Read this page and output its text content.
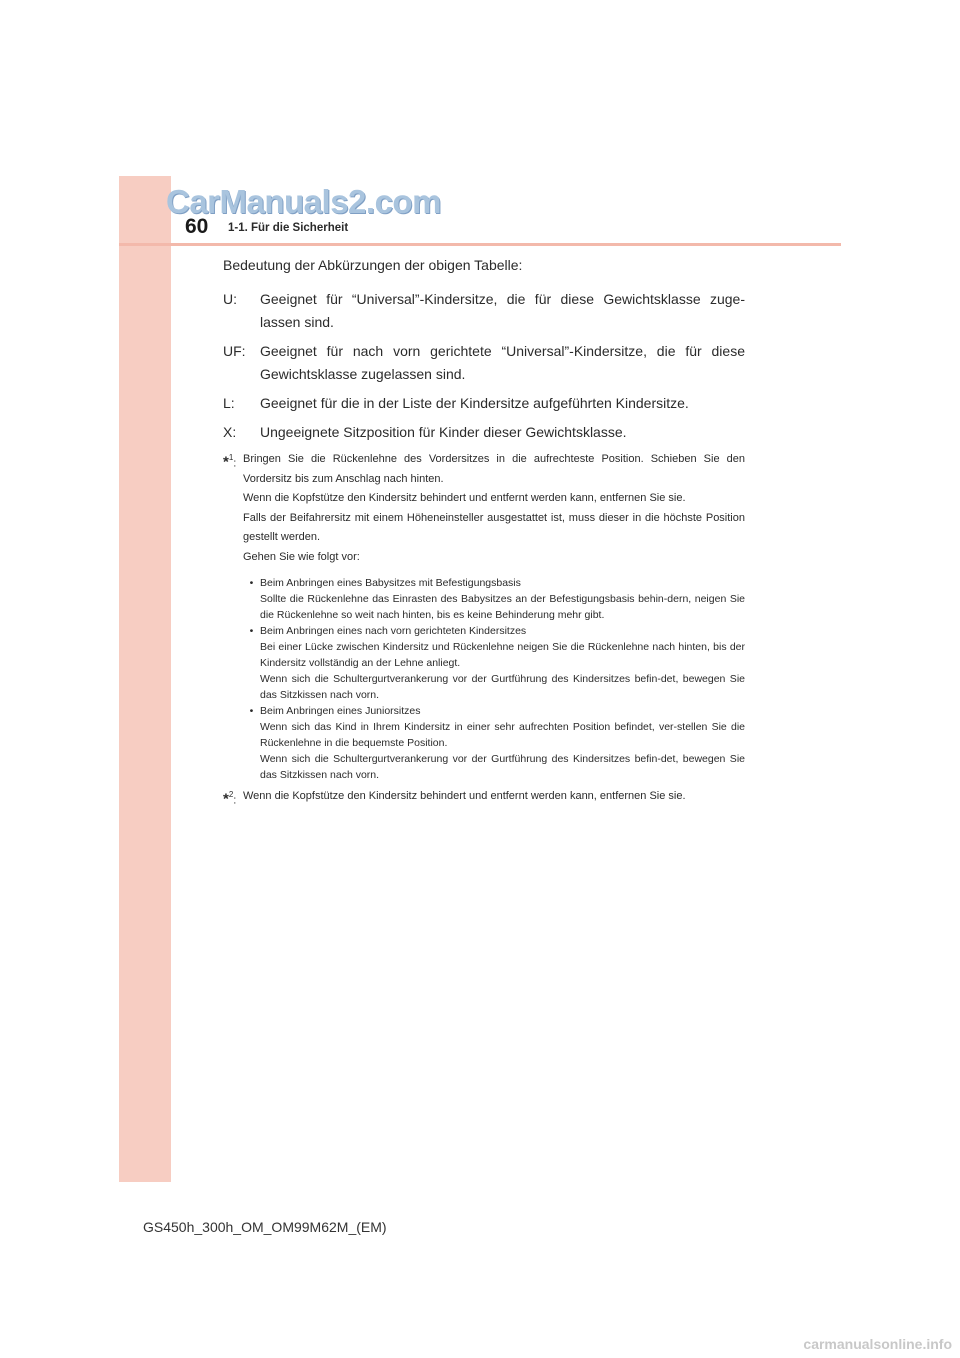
CarManuals2.com
60 1-1. Für die Sicherheit

Bedeutung der Abkürzungen der obigen Tabelle:

U:	Geeignet für “Universal”-Kindersitze, die für diese Gewichtsklasse zuge-lassen sind.
UF:	Geeignet für nach vorn gerichtete “Universal”-Kindersitze, die für diese Gewichtsklasse zugelassen sind.
L:	Geeignet für die in der Liste der Kindersitze aufgeführten Kindersitze.
X:	Ungeeignete Sitzposition für Kinder dieser Gewichtsklasse.
*$^1$: Bringen Sie die Rückenlehne des Vordersitzes in die aufrechteste Position. Schieben Sie den Vordersitz bis zum Anschlag nach hinten.

Wenn die Kopfstütze den Kindersitz behindert und entfernt werden kann, entfernen Sie sie.

Falls der Beifahrersitz mit einem Höheneinsteller ausgestattet ist, muss dieser in die höchste Position gestellt werden.

Gehen Sie wie folgt vor:

• Beim Anbringen eines Babysitzes mit Befestigungsbasis

Sollte die Rückenlehne das Einrasten des Babysitzes an der Befestigungsbasis behin-dern, neigen Sie die Rückenlehne so weit nach hinten, bis es keine Behinderung mehr gibt.

• Beim Anbringen eines nach vorn gerichteten Kindersitzes

Bei einer Lücke zwischen Kindersitz und Rückenlehne neigen Sie die Rückenlehne nach hinten, bis der Kindersitz vollständig an der Lehne anliegt.

Wenn sich die Schultergurtverankerung vor der Gurtführung des Kindersitzes befin-det, bewegen Sie das Sitzkissen nach vorn.

• Beim Anbringen eines Juniorsitzes

Wenn sich das Kind in Ihrem Kindersitz in einer sehr aufrechten Position befindet, ver-stellen Sie die Rückenlehne in die bequemste Position.

Wenn sich die Schultergurtverankerung vor der Gurtführung des Kindersitzes befin-det, bewegen Sie das Sitzkissen nach vorn.

*$^2$: Wenn die Kopfstütze den Kindersitz behindert und entfernt werden kann, entfernen Sie sie.

GS450h_300h_OM_OM99M62M_(EM)
carmanualsonline.info
